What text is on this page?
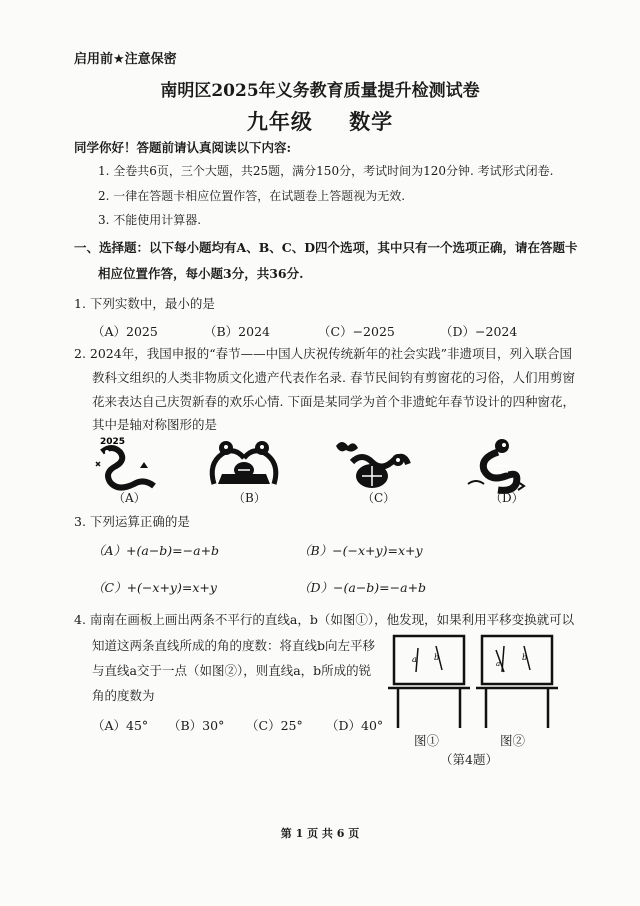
启用前★注意保密
南明区2025年义务教育质量提升检测试卷
九年级 数学
同学你好！答题前请认真阅读以下内容:
1. 全卷共6页，三个大题，共25题，满分150分，考试时间为120分钟. 考试形式闭卷.
2. 一律在答题卡相应位置作答，在试题卷上答题视为无效.
3. 不能使用计算器.
一、选择题：以下每小题均有A、B、C、D四个选项，其中只有一个选项正确，请在答题卡
相应位置作答，每小题3分，共36分.
1. 下列实数中，最小的是
（A）2025	（B）2024	（C）−2025	（D）−2024
2. 2024年，我国申报的“春节——中国人庆祝传统新年的社会实践”非遗项目，列入联合国
教科文组织的人类非物质文化遗产代表作名录. 春节民间钧有剪窗花的习俗，人们用剪窗
花来表达自己庆贺新春的欢乐心情. 下面是某同学为首个非遗蛇年春节设计的四种窗花，
其中是轴对称图形的是
2025
（A）	（B）	（C）	（D）
3. 下列运算正确的是
（A）+(a−b)=−a+b	（B）−(−x+y)=x+y
（C）+(−x+y)=x+y	（D）−(a−b)=−a+b
4. 南南在画板上画出两条不平行的直线a，b（如图①），他发现，如果利用平移变换就可以
知道这两条直线所成的角的度数：将直线b向左平移
与直线a交于一点（如图②），则直线a，b所成的锐
角的度数为
（A）45° （B）30° （C）25° （D）40°
a b
a
b
图①	图②
（第4题）
第 1 页 共 6 页
